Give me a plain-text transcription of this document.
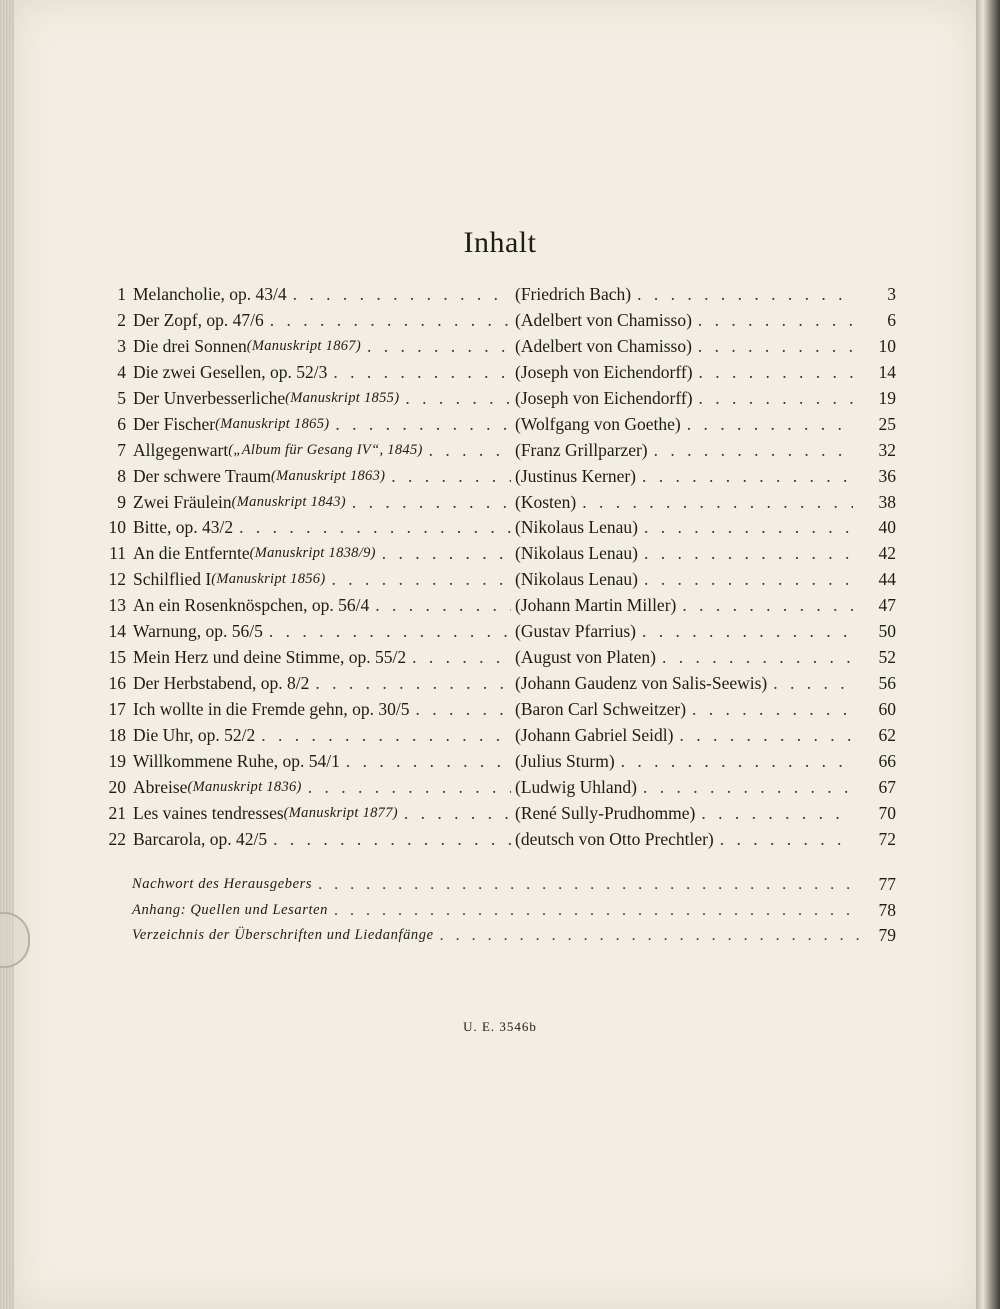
Inhalt
1 Melancholie, op. 43/4 . . .	(Friedrich Bach) . . .	3
2 Der Zopf, op. 47/6 . . .	(Adelbert von Chamisso) . . .	6
3 Die drei Sonnen (Manuskript 1867) . . .	(Adelbert von Chamisso) . . .	10
4 Die zwei Gesellen, op. 52/3 . . .	(Joseph von Eichendorff) . . .	14
5 Der Unverbesserliche (Manuskript 1855) . . .	(Joseph von Eichendorff) . . .	19
6 Der Fischer (Manuskript 1865) . . .	(Wolfgang von Goethe) . . .	25
7 Allgegenwart („Album für Gesang IV“, 1845) . . .	(Franz Grillparzer) . . .	32
8 Der schwere Traum (Manuskript 1863) . . .	(Justinus Kerner) . . .	36
9 Zwei Fräulein (Manuskript 1843) . . .	(Kosten) . . .	38
10 Bitte, op. 43/2 . . .	(Nikolaus Lenau) . . .	40
11 An die Entfernte (Manuskript 1838/9) . . .	(Nikolaus Lenau) . . .	42
12 Schilflied I (Manuskript 1856) . . .	(Nikolaus Lenau) . . .	44
13 An ein Rosenknöspchen, op. 56/4 . . .	(Johann Martin Miller) . . .	47
14 Warnung, op. 56/5 . . .	(Gustav Pfarrius) . . .	50
15 Mein Herz und deine Stimme, op. 55/2 . . .	(August von Platen) . . .	52
16 Der Herbstabend, op. 8/2 . . .	(Johann Gaudenz von Salis-Seewis) . . .	56
17 Ich wollte in die Fremde gehn, op. 30/5 . . .	(Baron Carl Schweitzer) . . .	60
18 Die Uhr, op. 52/2 . . .	(Johann Gabriel Seidl) . . .	62
19 Willkommene Ruhe, op. 54/1 . . .	(Julius Sturm) . . .	66
20 Abreise (Manuskript 1836) . . .	(Ludwig Uhland) . . .	67
21 Les vaines tendresses (Manuskript 1877) . . .	(René Sully-Prudhomme) . . .	70
22 Barcarola, op. 42/5 . . .	(deutsch von Otto Prechtler) . . .	72
Nachwort des Herausgebers . . .	77
Anhang: Quellen und Lesarten . . .	78
Verzeichnis der Überschriften und Liedanfänge . . .	79
U. E. 3546b
